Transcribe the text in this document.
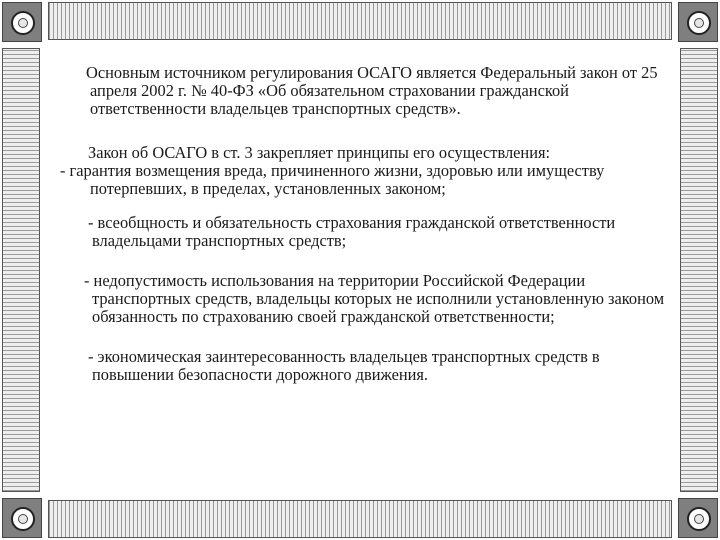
Основным источником регулирования ОСАГО является Федеральный закон от 25 апреля 2002 г. № 40-ФЗ «Об обязательном страховании гражданской ответственности владельцев транспортных средств».

Закон об ОСАГО в ст. 3 закрепляет принципы его осуществления:

- гарантия возмещения вреда, причиненного жизни, здоровью или имуществу потерпевших, в пределах, установленных законом;

- всеобщность и обязательность страхования гражданской ответственности владельцами транспортных средств;

- недопустимость использования на территории Российской Федерации транспортных средств, владельцы которых не исполнили установленную законом обязанность по страхованию своей гражданской ответственности;

- экономическая заинтересованность владельцев транспортных средств в повышении безопасности дорожного движения.
